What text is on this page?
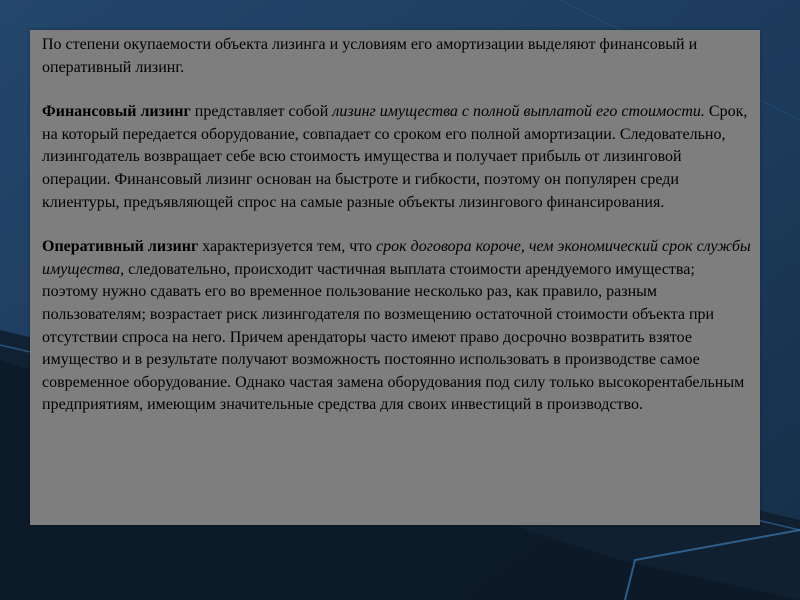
По степени окупаемости объекта лизинга и условиям его амортизации выделяют финансовый и оперативный лизинг.

Финансовый лизинг представляет собой лизинг имущества с полной выплатой его стоимости. Срок, на который передается оборудование, совпадает со сроком его полной амортизации. Следовательно, лизингодатель возвращает себе всю стоимость имущества и получает прибыль от лизинговой операции. Финансовый лизинг основан на быстроте и гибкости, поэтому он популярен среди клиентуры, предъявляющей спрос на самые разные объекты лизингового финансирования.

Оперативный лизинг характеризуется тем, что срок договора короче, чем экономический срок службы имущества, следовательно, происходит частичная выплата стоимости арендуемого имущества; поэтому нужно сдавать его во временное пользование несколько раз, как правило, разным пользователям; возрастает риск лизингодателя по возмещению остаточной стоимости объекта при отсутствии спроса на него. Причем арендаторы часто имеют право досрочно возвратить взятое имущество и в результате получают возможность постоянно использовать в производстве самое современное оборудование. Однако частая замена оборудования под силу только высокорентабельным предприятиям, имеющим значительные средства для своих инвестиций в производство.
